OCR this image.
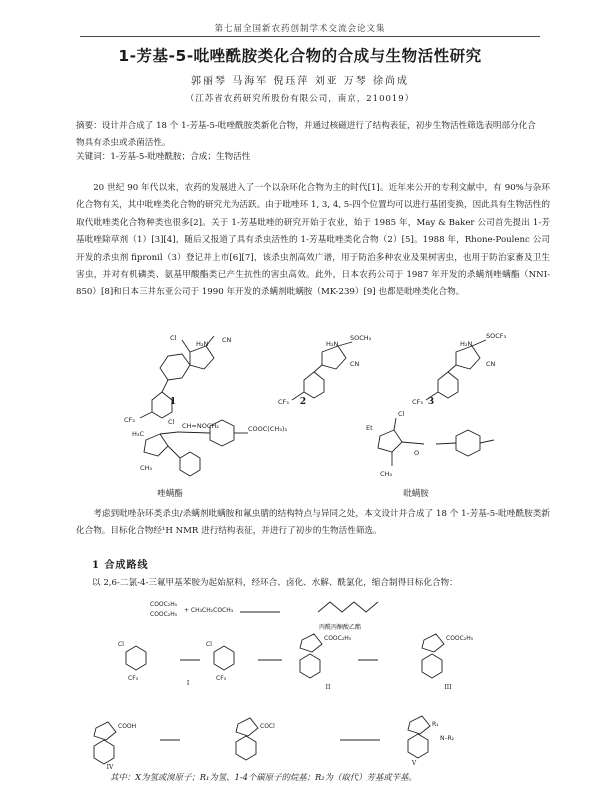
第七届全国新农药创制学术交流会论文集
1-芳基-5-吡唑酰胺类化合物的合成与生物活性研究
郭丽琴 马海军 倪珏萍 刘亚 万琴 徐尚成
（江苏省农药研究所股份有限公司，南京，210019）
摘要：设计并合成了 18 个 1-芳基-5-吡唑酰胺类新化合物，并通过核磁进行了结构表征，初步生物活性筛选表明部分化合物具有杀虫或杀菌活性。
关键词：1-芳基-5-吡唑酰胺；合成；生物活性

20 世纪 90 年代以来，农药的发展进入了一个以杂环化合物为主的时代[1]。近年来公开的专利文献中，有 90%与杂环化合物有关，其中吡唑类化合物的研究尤为活跃。由于吡唑环 1, 3, 4, 5-四个位置均可以进行基团变换，因此具有生物活性的取代吡唑类化合物种类也很多[2]。关于 1-芳基吡唑的研究开始于农业，始于 1985 年，May & Baker 公司首先提出 1-芳基吡唑除草剂（1）[3][4]，随后又报道了具有杀虫活性的 1-芳基吡唑类化合物（2）[5]。1988 年，Rhone-Poulenc 公司开发的杀虫剂 fipronil（3）登记并上市[6][7]，该杀虫剂高效广谱，用于防治多种农业及果树害虫，也用于防治家畜及卫生害虫，并对有机磷类、氨基甲酸酯类已产生抗性的害虫高效。此外，日本农药公司于 1987 年开发的杀螨剂唑螨酯（NNI-850）[8]和日本三井东亚公司于 1990 年开发的杀螨剂吡螨胺（MK-239）[9] 也都是吡唑类化合物。

H₂N CN
Cl
CF₃	Cl
H₂N
SOCH₃
CN
CF₃
H₂N
SOCF₃
CN
CF₃
H₃C
CH=NOCH₂	COOC(CH₃)₃
CH₃
Et
Cl
O
CH₃
COOC₂H₅
COOC₂H₅
+ CH₃CH₂COCH₃
Cl
CF₃
Cl
CF₃
COOC₂H₅	COOC₂H₅
COOH	COCl	R₁
N–R₂
1	2	3
唑螨酯	吡螨胺

考虑到吡唑杂环类杀虫/杀螨剂吡螨胺和氟虫腈的结构特点与异同之处，本文设计并合成了 18 个 1-芳基-5-吡唑酰胺类新化合物。目标化合物经¹H NMR 进行结构表征，并进行了初步的生物活性筛选。

1 合成路线
以 2,6-二氯-4-三氟甲基苯胺为起始原料，经环合、卤化、水解、酰氯化，缩合制得目标化合物：
丙酰丙酮酸乙酯
I
II	III
IV
V
其中：X为氢或溴原子；R₁为氢、1-4个碳原子的烷基；R₂为（取代）芳基或苄基。
